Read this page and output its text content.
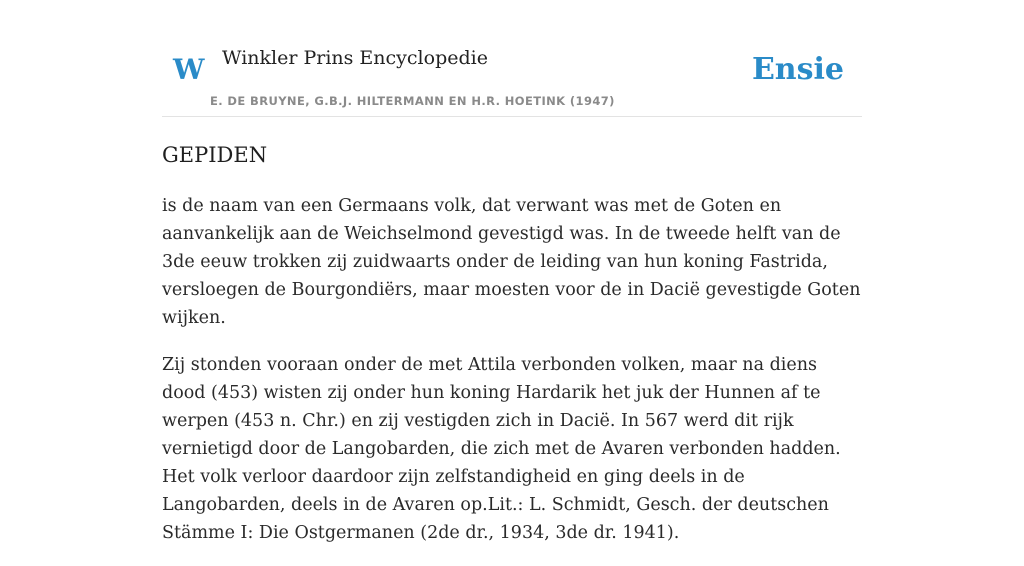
W Winkler Prins Encyclopedie
E. DE BRUYNE, G.B.J. HILTERMANN EN H.R. HOETINK (1947)
Ensie
GEPIDEN

is de naam van een Germaans volk, dat verwant was met de Goten en aanvankelijk aan de Weichselmond gevestigd was. In de tweede helft van de 3de eeuw trokken zij zuidwaarts onder de leiding van hun koning Fastrida, versloegen de Bourgondiërs, maar moesten voor de in Dacië gevestigde Goten wijken.

Zij stonden vooraan onder de met Attila verbonden volken, maar na diens dood (453) wisten zij onder hun koning Hardarik het juk der Hunnen af te werpen (453 n. Chr.) en zij vestigden zich in Dacië. In 567 werd dit rijk vernietigd door de Langobarden, die zich met de Avaren verbonden hadden. Het volk verloor daardoor zijn zelfstandigheid en ging deels in de Langobarden, deels in de Avaren op.Lit.: L. Schmidt, Gesch. der deutschen Stämme I: Die Ostgermanen (2de dr., 1934, 3de dr. 1941).
